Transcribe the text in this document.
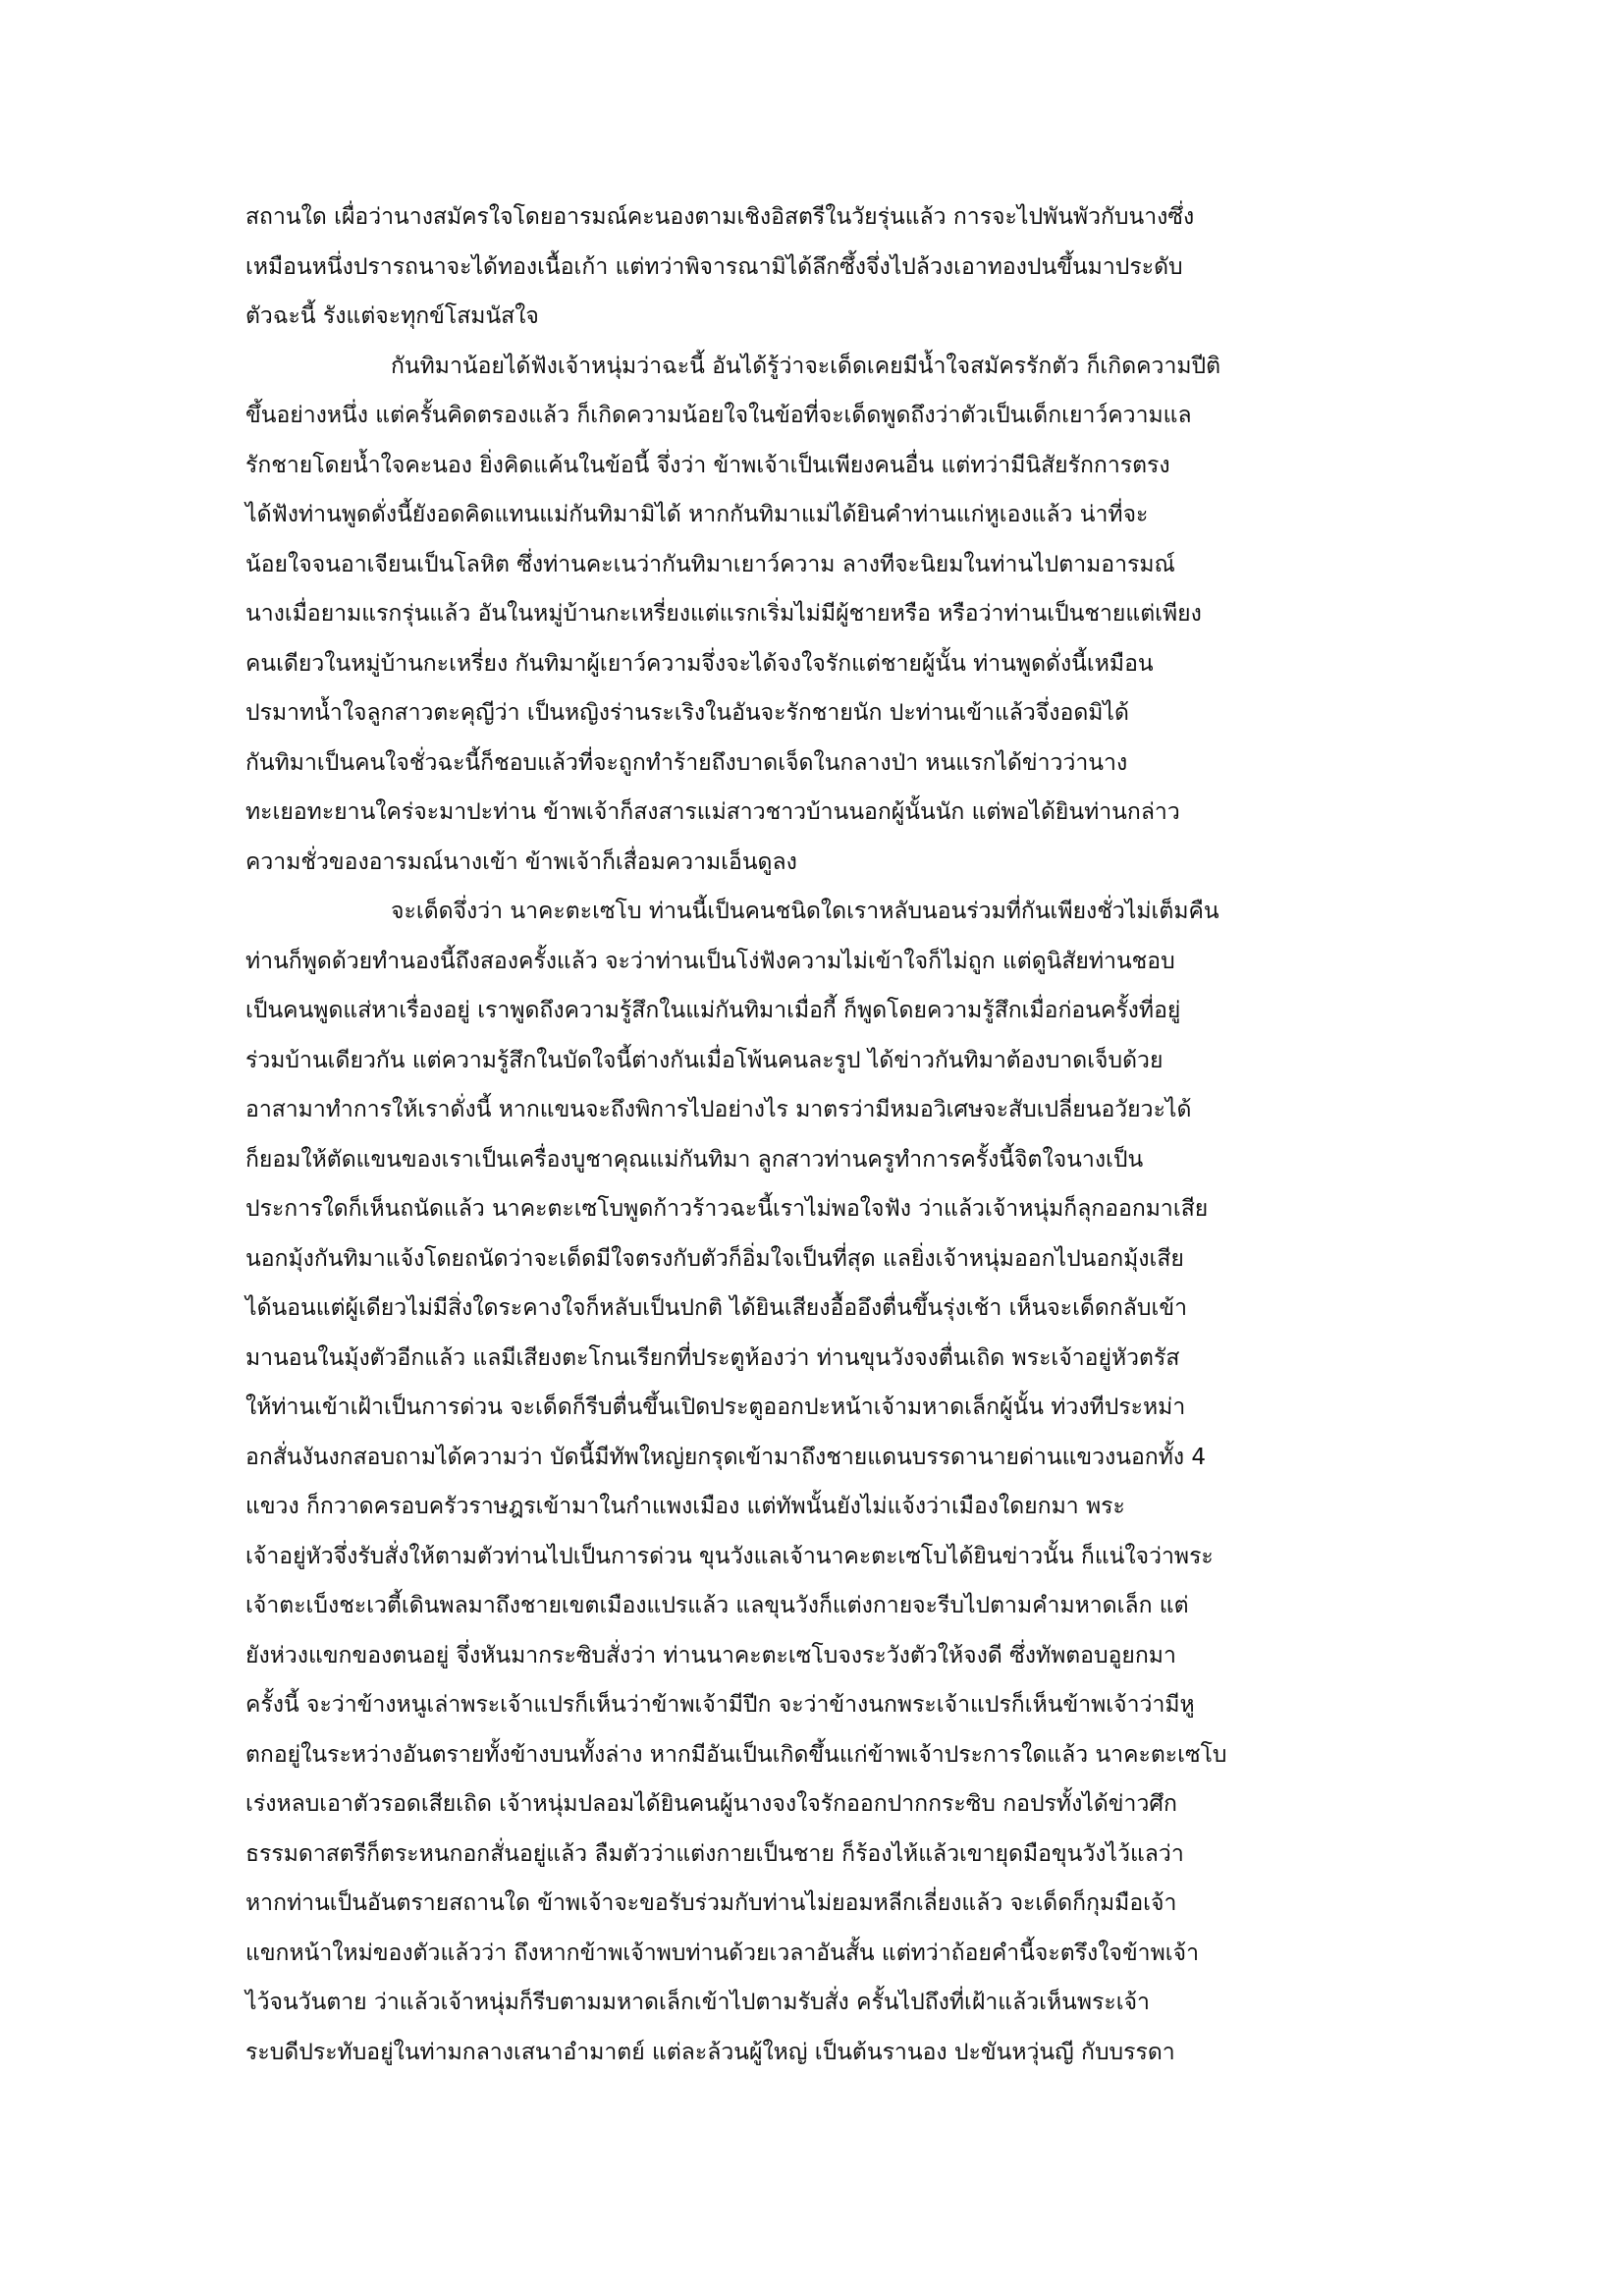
สถานใด เผื่อว่านางสมัครใจโดยอารมณ์คะนองตามเชิงอิสตรีในวัยรุ่นแล้ว การจะไปพันพัวกับนางซึ่ง
เหมือนหนึ่งปรารถนาจะได้ทองเนื้อเก้า แต่ทว่าพิจารณามิได้ลึกซึ้งจึ่งไปล้วงเอาทองปนขึ้นมาประดับ
ตัวฉะนี้ รังแต่จะทุกข์โสมนัสใจ
กันทิมาน้อยได้ฟังเจ้าหนุ่มว่าฉะนี้ อันได้รู้ว่าจะเด็ดเคยมีน้ำใจสมัครรักตัว ก็เกิดความปีติ
ขึ้นอย่างหนึ่ง แต่ครั้นคิดตรองแล้ว ก็เกิดความน้อยใจในข้อที่จะเด็ดพูดถึงว่าตัวเป็นเด็กเยาว์ความแล
รักชายโดยน้ำใจคะนอง ยิ่งคิดแค้นในข้อนี้ จึ่งว่า ข้าพเจ้าเป็นเพียงคนอื่น แต่ทว่ามีนิสัยรักการตรง
ได้ฟังท่านพูดดั่งนี้ยังอดคิดแทนแม่กันทิมามิได้ หากกันทิมาแม่ได้ยินคำท่านแก่หูเองแล้ว น่าที่จะ
น้อยใจจนอาเจียนเป็นโลหิต ซึ่งท่านคะเนว่ากันทิมาเยาว์ความ ลางทีจะนิยมในท่านไปตามอารมณ์
นางเมื่อยามแรกรุ่นแล้ว อันในหมู่บ้านกะเหรี่ยงแต่แรกเริ่มไม่มีผู้ชายหรือ หรือว่าท่านเป็นชายแต่เพียง
คนเดียวในหมู่บ้านกะเหรี่ยง กันทิมาผู้เยาว์ความจึ่งจะได้จงใจรักแต่ชายผู้นั้น ท่านพูดดั่งนี้เหมือน
ปรมาทน้ำใจลูกสาวตะคุญีว่า เป็นหญิงร่านระเริงในอันจะรักชายนัก ปะท่านเข้าแล้วจึ่งอดมิได้
กันทิมาเป็นคนใจชั่วฉะนี้ก็ชอบแล้วที่จะถูกทำร้ายถึงบาดเจ็ดในกลางป่า หนแรกได้ข่าวว่านาง
ทะเยอทะยานใคร่จะมาปะท่าน ข้าพเจ้าก็สงสารแม่สาวชาวบ้านนอกผู้นั้นนัก แต่พอได้ยินท่านกล่าว
ความชั่วของอารมณ์นางเข้า ข้าพเจ้าก็เสื่อมความเอ็นดูลง
จะเด็ดจึ่งว่า นาคะตะเซโบ ท่านนี้เป็นคนชนิดใดเราหลับนอนร่วมที่กันเพียงชั่วไม่เต็มคืน
ท่านก็พูดด้วยทำนองนี้ถึงสองครั้งแล้ว จะว่าท่านเป็นโง่ฟังความไม่เข้าใจก็ไม่ถูก แต่ดูนิสัยท่านชอบ
เป็นคนพูดแส่หาเรื่องอยู่ เราพูดถึงความรู้สึกในแม่กันทิมาเมื่อกี้ ก็พูดโดยความรู้สึกเมื่อก่อนครั้งที่อยู่
ร่วมบ้านเดียวกัน แต่ความรู้สึกในบัดใจนี้ต่างกันเมื่อโพ้นคนละรูป ได้ข่าวกันทิมาต้องบาดเจ็บด้วย
อาสามาทำการให้เราดั่งนี้ หากแขนจะถึงพิการไปอย่างไร มาตรว่ามีหมอวิเศษจะสับเปลี่ยนอวัยวะได้
ก็ยอมให้ตัดแขนของเราเป็นเครื่องบูชาคุณแม่กันทิมา ลูกสาวท่านครูทำการครั้งนี้จิตใจนางเป็น
ประการใดก็เห็นถนัดแล้ว นาคะตะเซโบพูดก้าวร้าวฉะนี้เราไม่พอใจฟัง ว่าแล้วเจ้าหนุ่มก็ลุกออกมาเสีย
นอกมุ้งกันทิมาแจ้งโดยถนัดว่าจะเด็ดมีใจตรงกับตัวก็อิ่มใจเป็นที่สุด แลยิ่งเจ้าหนุ่มออกไปนอกมุ้งเสีย
ได้นอนแต่ผู้เดียวไม่มีสิ่งใดระคางใจก็หลับเป็นปกติ ได้ยินเสียงอื้ออึงตื่นขึ้นรุ่งเช้า เห็นจะเด็ดกลับเข้า
มานอนในมุ้งตัวอีกแล้ว แลมีเสียงตะโกนเรียกที่ประตูห้องว่า ท่านขุนวังจงตื่นเถิด พระเจ้าอยู่หัวตรัส
ให้ท่านเข้าเฝ้าเป็นการด่วน จะเด็ดก็รีบตื่นขึ้นเปิดประตูออกปะหน้าเจ้ามหาดเล็กผู้นั้น ท่วงทีประหม่า
อกสั่นงันงกสอบถามได้ความว่า บัดนี้มีทัพใหญ่ยกรุดเข้ามาถึงชายแดนบรรดานายด่านแขวงนอกทั้ง 4
แขวง ก็กวาดครอบครัวราษฎรเข้ามาในกำแพงเมือง แต่ทัพนั้นยังไม่แจ้งว่าเมืองใดยกมา พระ
เจ้าอยู่หัวจึ่งรับสั่งให้ตามตัวท่านไปเป็นการด่วน ขุนวังแลเจ้านาคะตะเซโบได้ยินข่าวนั้น ก็แน่ใจว่าพระ
เจ้าตะเบ็งชะเวตี้เดินพลมาถึงชายเขตเมืองแปรแล้ว แลขุนวังก็แต่งกายจะรีบไปตามคำมหาดเล็ก แต่
ยังห่วงแขกของตนอยู่ จึ่งหันมากระซิบสั่งว่า ท่านนาคะตะเซโบจงระวังตัวให้จงดี ซึ่งทัพตอบอูยกมา
ครั้งนี้ จะว่าข้างหนูเล่าพระเจ้าแปรก็เห็นว่าข้าพเจ้ามีปีก จะว่าข้างนกพระเจ้าแปรก็เห็นข้าพเจ้าว่ามีหู
ตกอยู่ในระหว่างอันตรายทั้งข้างบนทั้งล่าง หากมีอันเป็นเกิดขึ้นแก่ข้าพเจ้าประการใดแล้ว นาคะตะเซโบ
เร่งหลบเอาตัวรอดเสียเถิด เจ้าหนุ่มปลอมได้ยินคนผู้นางจงใจรักออกปากกระซิบ กอปรทั้งได้ข่าวศึก
ธรรมดาสตรีก็ตระหนกอกสั่นอยู่แล้ว ลืมตัวว่าแต่งกายเป็นชาย ก็ร้องไห้แล้วเขายุดมือขุนวังไว้แลว่า
หากท่านเป็นอันตรายสถานใด ข้าพเจ้าจะขอรับร่วมกับท่านไม่ยอมหลีกเลี่ยงแล้ว จะเด็ดก็กุมมือเจ้า
แขกหน้าใหม่ของตัวแล้วว่า ถึงหากข้าพเจ้าพบท่านด้วยเวลาอันสั้น แต่ทว่าถ้อยคำนี้จะตรึงใจข้าพเจ้า
ไว้จนวันตาย ว่าแล้วเจ้าหนุ่มก็รีบตามมหาดเล็กเข้าไปตามรับสั่ง ครั้นไปถึงที่เฝ้าแล้วเห็นพระเจ้า
ระบดีประทับอยู่ในท่ามกลางเสนาอำมาตย์ แต่ละล้วนผู้ใหญ่ เป็นต้นรานอง ปะขันหวุ่นญี กับบรรดา
